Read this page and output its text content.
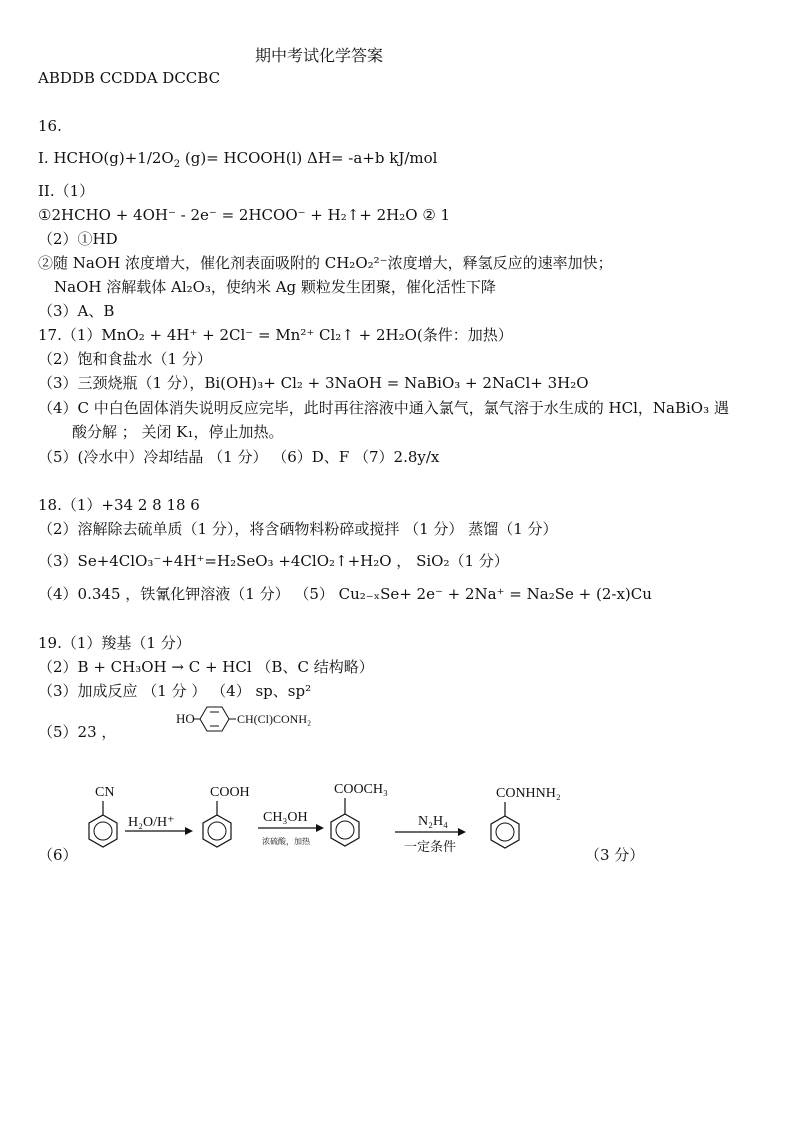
期中考试化学答案
ABDDB CCDDA DCCBC
16.
I. $HCHO(g)+1/2O_2$ (g)= HCOOH(l) ΔH= -a+b kJ/mol
II.（1）
①2HCHO + 4OH⁻ - 2e⁻ = 2HCOO⁻ + H₂↑+ 2H₂O ② 1
（2）①HD
②随 NaOH 浓度增大，催化剂表面吸附的 CH₂O₂²⁻浓度增大，释氢反应的速率加快；
NaOH 溶解载体 Al₂O₃，使纳米 Ag 颗粒发生团聚，催化活性下降
（3）A、B
17.（1）MnO₂ + 4H⁺ + 2Cl⁻ = Mn²⁺ Cl₂↑ + 2H₂O(条件：加热）
（2）饱和食盐水（1 分）
（3）三颈烧瓶（1 分），Bi(OH)₃+ Cl₂ + 3NaOH = NaBiO₃ + 2NaCl+ 3H₂O
（4）C 中白色固体消失说明反应完毕，此时再往溶液中通入氯气，氯气溶于水生成的 HCl，NaBiO₃ 遇
酸分解 ； 关闭 K₁，停止加热。
（5）(冷水中）冷却结晶 （1 分） （6）D、F （7）2.8y/x
18.（1）+34 2 8 18 6
（2）溶解除去硫单质（1 分），将含硒物料粉碎或搅拌 （1 分） 蒸馏（1 分）
（3）Se+4ClO₃⁻+4H⁺=H₂SeO₃ +4ClO₂↑+H₂O ， SiO₂（1 分）
（4）0.345 ，铁氰化钾溶液（1 分） （5） Cu₂₋ₓSe+ 2e⁻ + 2Na⁺ = Na₂Se + (2-x)Cu
19.（1）羧基（1 分）
（2）B + CH₃OH → C + HCl （B、C 结构略）
（3）加成反应 （1 分 ） （4） sp、sp²
（5）23 ，
（6）	（3 分）
HO	CH(Cl)CONH₂
CN
H₂O/H⁺
COOH
CH₃OH
浓硫酸，加热
COOCH₃
N₂H₄
一定条件
CONHNH₂
